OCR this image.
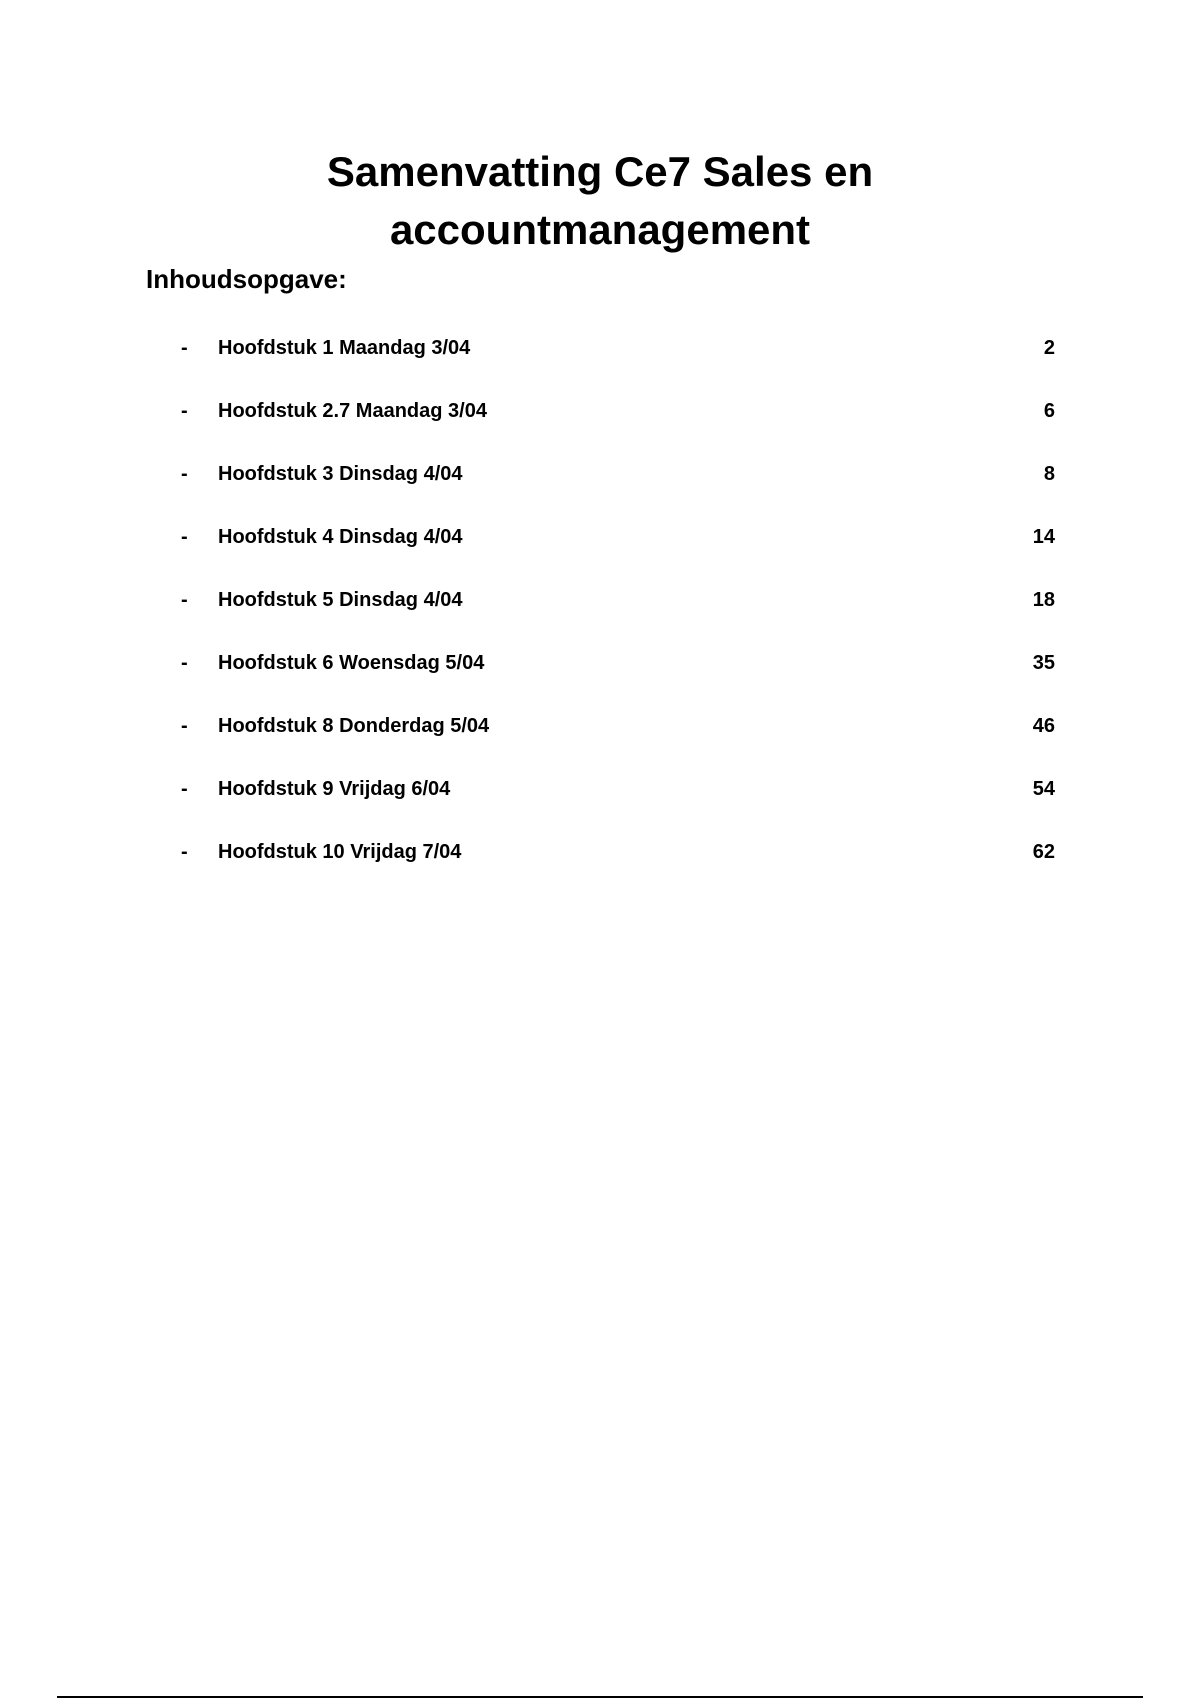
Samenvatting Ce7 Sales en
accountmanagement
Inhoudsopgave:
- Hoofdstuk 1 Maandag 3/04	2
- Hoofdstuk 2.7 Maandag 3/04	6
- Hoofdstuk 3 Dinsdag 4/04	8
- Hoofdstuk 4 Dinsdag 4/04	14
- Hoofdstuk 5 Dinsdag 4/04	18
- Hoofdstuk 6 Woensdag 5/04	35
- Hoofdstuk 8 Donderdag 5/04	46
- Hoofdstuk 9 Vrijdag 6/04	54
- Hoofdstuk 10 Vrijdag 7/04	62
